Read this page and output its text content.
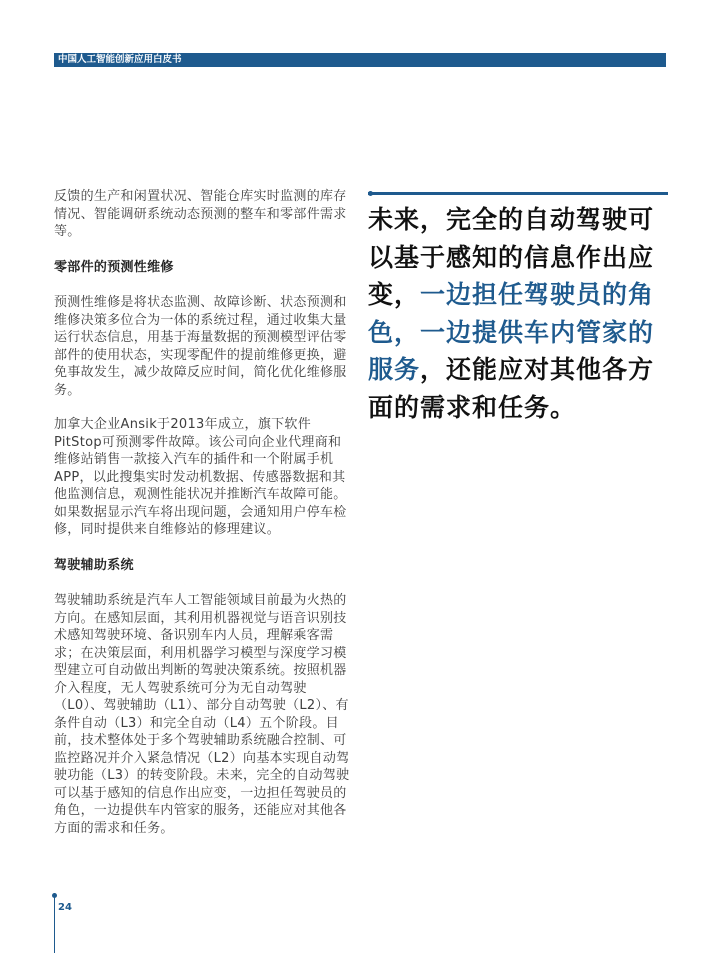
中国人工智能创新应用白皮书

反馈的生产和闲置状况、智能仓库实时监测的库存情况、智能调研系统动态预测的整车和零部件需求等。

零部件的预测性维修

预测性维修是将状态监测、故障诊断、状态预测和维修决策多位合为一体的系统过程，通过收集大量运行状态信息，用基于海量数据的预测模型评估零部件的使用状态，实现零配件的提前维修更换，避免事故发生，减少故障反应时间，简化优化维修服务。

加拿大企业Ansik于2013年成立，旗下软件PitStop可预测零件故障。该公司向企业代理商和维修站销售一款接入汽车的插件和一个附属手机APP，以此搜集实时发动机数据、传感器数据和其他监测信息，观测性能状况并推断汽车故障可能。如果数据显示汽车将出现问题，会通知用户停车检修，同时提供来自维修站的修理建议。

驾驶辅助系统

驾驶辅助系统是汽车人工智能领域目前最为火热的方向。在感知层面，其利用机器视觉与语音识别技术感知驾驶环境、备识别车内人员，理解乘客需求；在决策层面，利用机器学习模型与深度学习模型建立可自动做出判断的驾驶决策系统。按照机器介入程度，无人驾驶系统可分为无自动驾驶（L0）、驾驶辅助（L1）、部分自动驾驶（L2）、有条件自动（L3）和完全自动（L4）五个阶段。目前，技术整体处于多个驾驶辅助系统融合控制、可监控路况并介入紧急情况（L2）向基本实现自动驾驶功能（L3）的转变阶段。未来，完全的自动驾驶可以基于感知的信息作出应变，一边担任驾驶员的角色，一边提供车内管家的服务，还能应对其他各方面的需求和任务。

未来，完全的自动驾驶可以基于感知的信息作出应变，一边担任驾驶员的角色，一边提供车内管家的服务，还能应对其他各方面的需求和任务。

24
